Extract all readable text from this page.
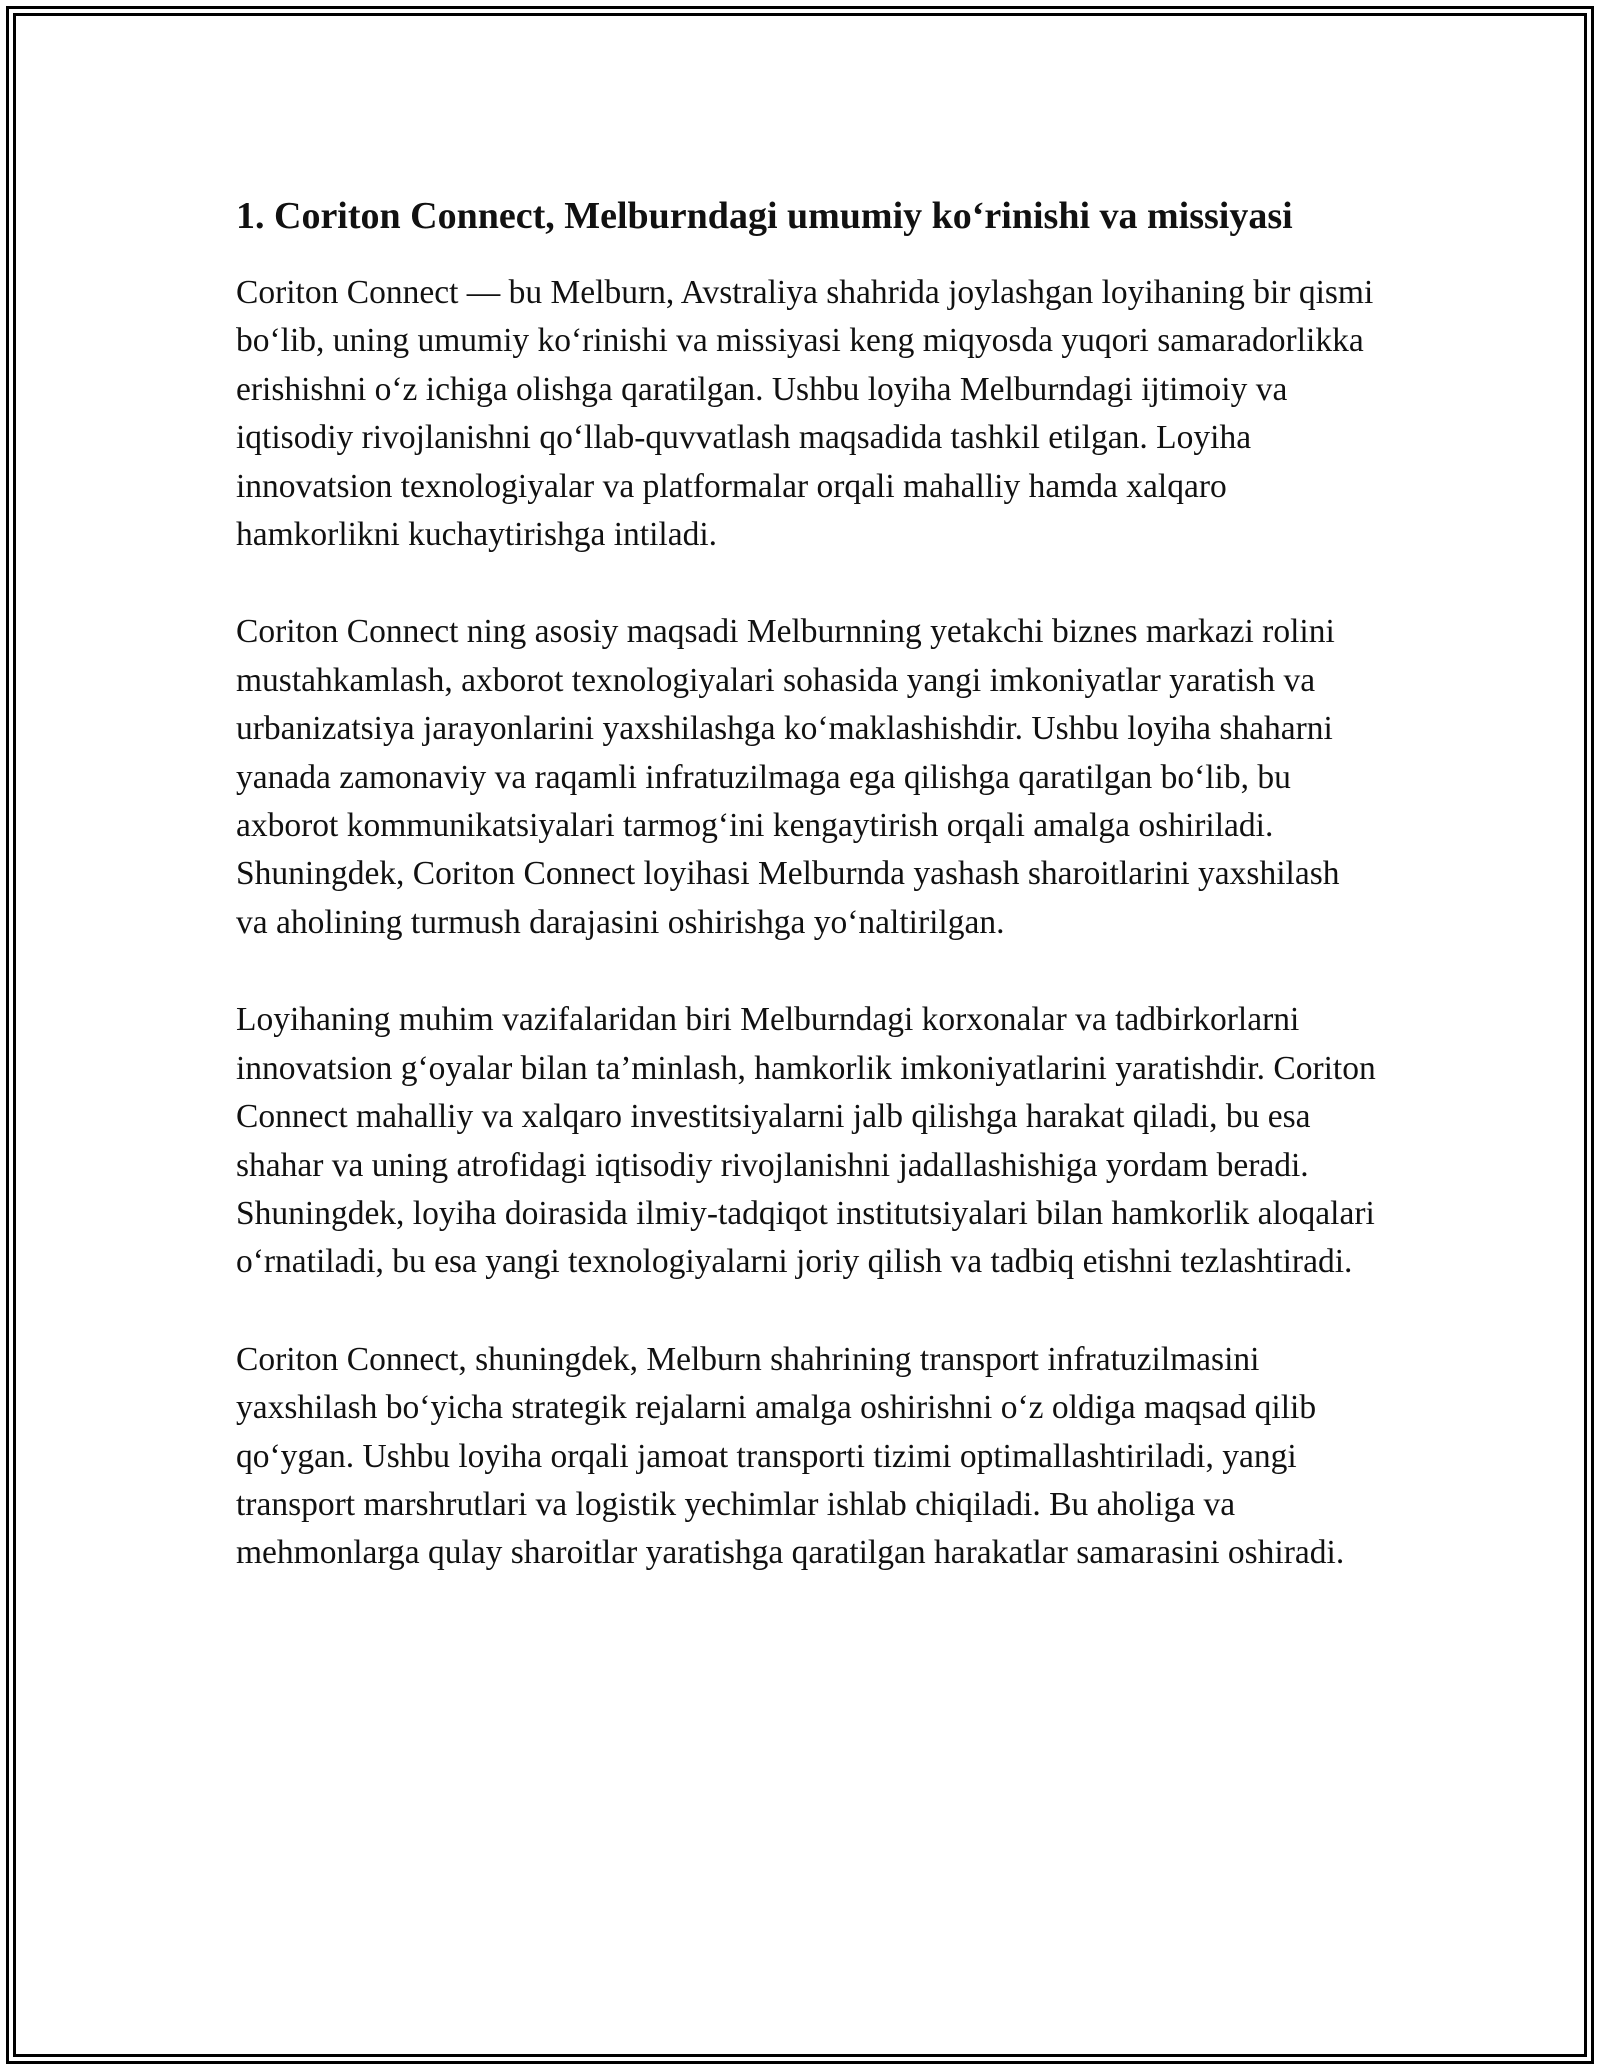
1. Coriton Connect, Melburndagi umumiy ko‘rinishi va missiyasi

Coriton Connect — bu Melburn, Avstraliya shahrida joylashgan loyihaning bir qismi bo‘lib, uning umumiy ko‘rinishi va missiyasi keng miqyosda yuqori samaradorlikka erishishni o‘z ichiga olishga qaratilgan. Ushbu loyiha Melburndagi ijtimoiy va iqtisodiy rivojlanishni qo‘llab-quvvatlash maqsadida tashkil etilgan. Loyiha innovatsion texnologiyalar va platformalar orqali mahalliy hamda xalqaro hamkorlikni kuchaytirishga intiladi.

Coriton Connect ning asosiy maqsadi Melburnning yetakchi biznes markazi rolini mustahkamlash, axborot texnologiyalari sohasida yangi imkoniyatlar yaratish va urbanizatsiya jarayonlarini yaxshilashga ko‘maklashishdir. Ushbu loyiha shaharni yanada zamonaviy va raqamli infratuzilmaga ega qilishga qaratilgan bo‘lib, bu axborot kommunikatsiyalari tarmog‘ini kengaytirish orqali amalga oshiriladi. Shuningdek, Coriton Connect loyihasi Melburnda yashash sharoitlarini yaxshilash va aholining turmush darajasini oshirishga yo‘naltirilgan.

Loyihaning muhim vazifalaridan biri Melburndagi korxonalar va tadbirkorlarni innovatsion g‘oyalar bilan ta’minlash, hamkorlik imkoniyatlarini yaratishdir. Coriton Connect mahalliy va xalqaro investitsiyalarni jalb qilishga harakat qiladi, bu esa shahar va uning atrofidagi iqtisodiy rivojlanishni jadallashishiga yordam beradi. Shuningdek, loyiha doirasida ilmiy-tadqiqot institutsiyalari bilan hamkorlik aloqalari o‘rnatiladi, bu esa yangi texnologiyalarni joriy qilish va tadbiq etishni tezlashtiradi.

Coriton Connect, shuningdek, Melburn shahrining transport infratuzilmasini yaxshilash bo‘yicha strategik rejalarni amalga oshirishni o‘z oldiga maqsad qilib qo‘ygan. Ushbu loyiha orqali jamoat transporti tizimi optimallashtiriladi, yangi transport marshrutlari va logistik yechimlar ishlab chiqiladi. Bu aholiga va mehmonlarga qulay sharoitlar yaratishga qaratilgan harakatlar samarasini oshiradi.
